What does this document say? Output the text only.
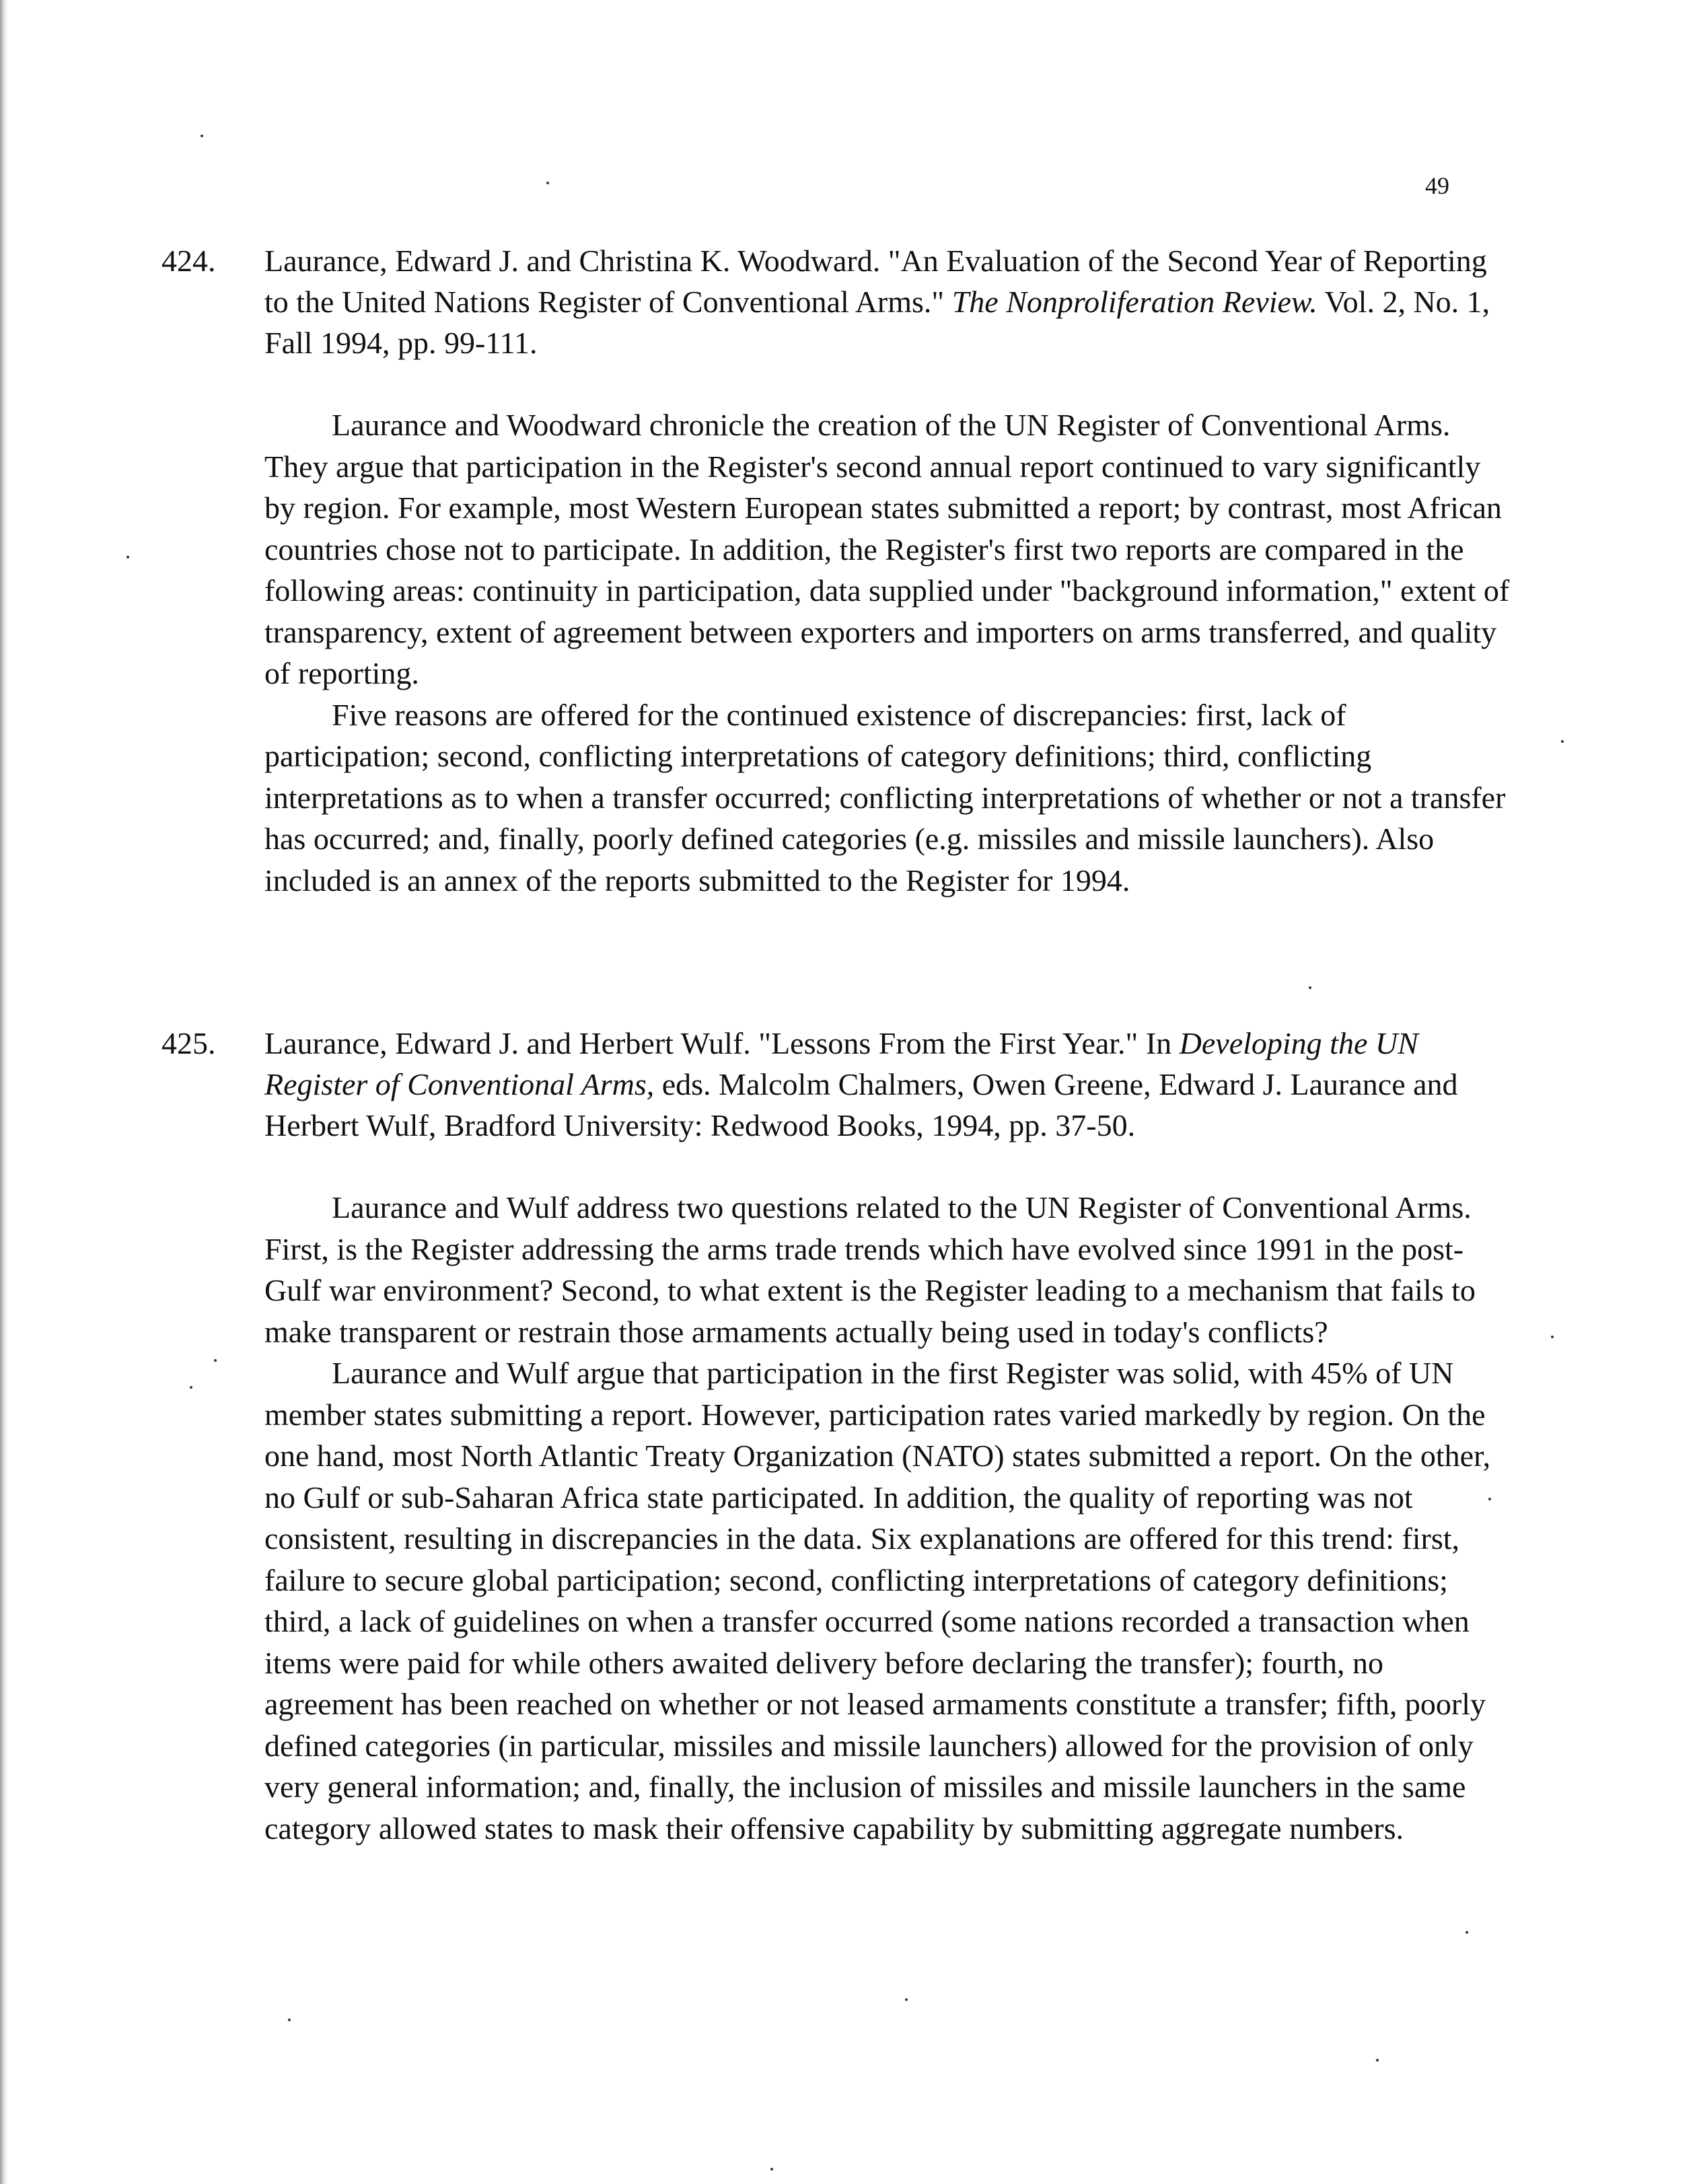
49

424. Laurance, Edward J. and Christina K. Woodward. "An Evaluation of the Second Year of Reporting to the United Nations Register of Conventional Arms." The Nonproliferation Review. Vol. 2, No. 1, Fall 1994, pp. 99-111.

Laurance and Woodward chronicle the creation of the UN Register of Conventional Arms. They argue that participation in the Register's second annual report continued to vary significantly by region. For example, most Western European states submitted a report; by contrast, most African countries chose not to participate. In addition, the Register's first two reports are compared in the following areas: continuity in participation, data supplied under "background information," extent of transparency, extent of agreement between exporters and importers on arms transferred, and quality of reporting.

Five reasons are offered for the continued existence of discrepancies: first, lack of participation; second, conflicting interpretations of category definitions; third, conflicting interpretations as to when a transfer occurred; conflicting interpretations of whether or not a transfer has occurred; and, finally, poorly defined categories (e.g. missiles and missile launchers). Also included is an annex of the reports submitted to the Register for 1994.

425. Laurance, Edward J. and Herbert Wulf. "Lessons From the First Year." In Developing the UN Register of Conventional Arms, eds. Malcolm Chalmers, Owen Greene, Edward J. Laurance and Herbert Wulf, Bradford University: Redwood Books, 1994, pp. 37-50.

Laurance and Wulf address two questions related to the UN Register of Conventional Arms. First, is the Register addressing the arms trade trends which have evolved since 1991 in the post-Gulf war environment? Second, to what extent is the Register leading to a mechanism that fails to make transparent or restrain those armaments actually being used in today's conflicts?

Laurance and Wulf argue that participation in the first Register was solid, with 45% of UN member states submitting a report. However, participation rates varied markedly by region. On the one hand, most North Atlantic Treaty Organization (NATO) states submitted a report. On the other, no Gulf or sub-Saharan Africa state participated. In addition, the quality of reporting was not consistent, resulting in discrepancies in the data. Six explanations are offered for this trend: first, failure to secure global participation; second, conflicting interpretations of category definitions; third, a lack of guidelines on when a transfer occurred (some nations recorded a transaction when items were paid for while others awaited delivery before declaring the transfer); fourth, no agreement has been reached on whether or not leased armaments constitute a transfer; fifth, poorly defined categories (in particular, missiles and missile launchers) allowed for the provision of only very general information; and, finally, the inclusion of missiles and missile launchers in the same category allowed states to mask their offensive capability by submitting aggregate numbers.
